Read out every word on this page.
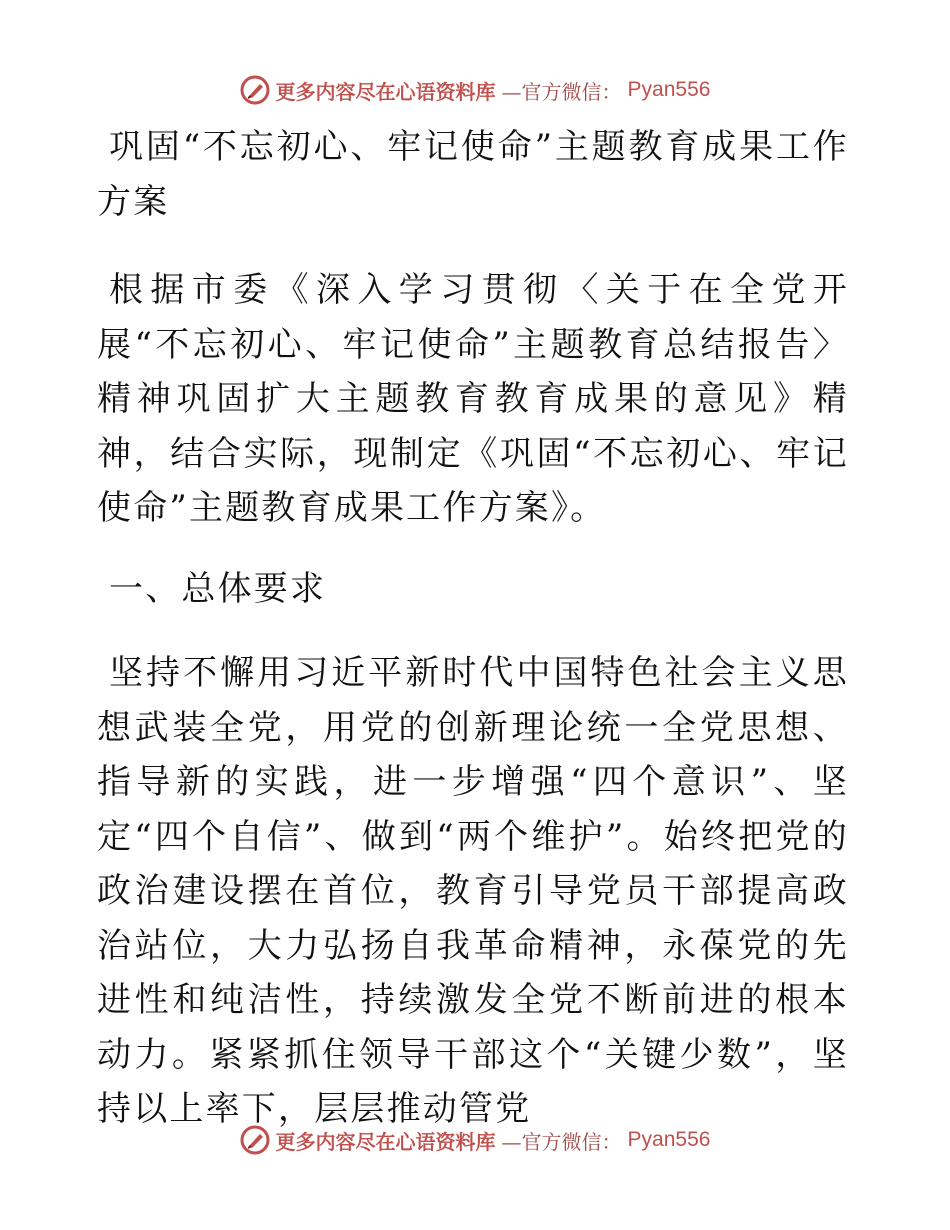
更多内容尽在心语资料库 —官方微信： Pyan556

巩固“不忘初心、牢记使命”主题教育成果工作方案

根据市委《深入学习贯彻〈关于在全党开展“不忘初心、牢记使命”主题教育总结报告〉精神巩固扩大主题教育教育成果的意见》精神，结合实际，现制定《巩固“不忘初心、牢记使命”主题教育成果工作方案》。

一、总体要求

坚持不懈用习近平新时代中国特色社会主义思想武装全党，用党的创新理论统一全党思想、指导新的实践，进一步增强“四个意识”、坚定“四个自信”、做到“两个维护”。始终把党的政治建设摆在首位，教育引导党员干部提高政治站位，大力弘扬自我革命精神，永葆党的先进性和纯洁性，持续激发全党不断前进的根本动力。紧紧抓住领导干部这个“关键少数”，坚持以上率下，层层推动管党

更多内容尽在心语资料库 —官方微信： Pyan556
